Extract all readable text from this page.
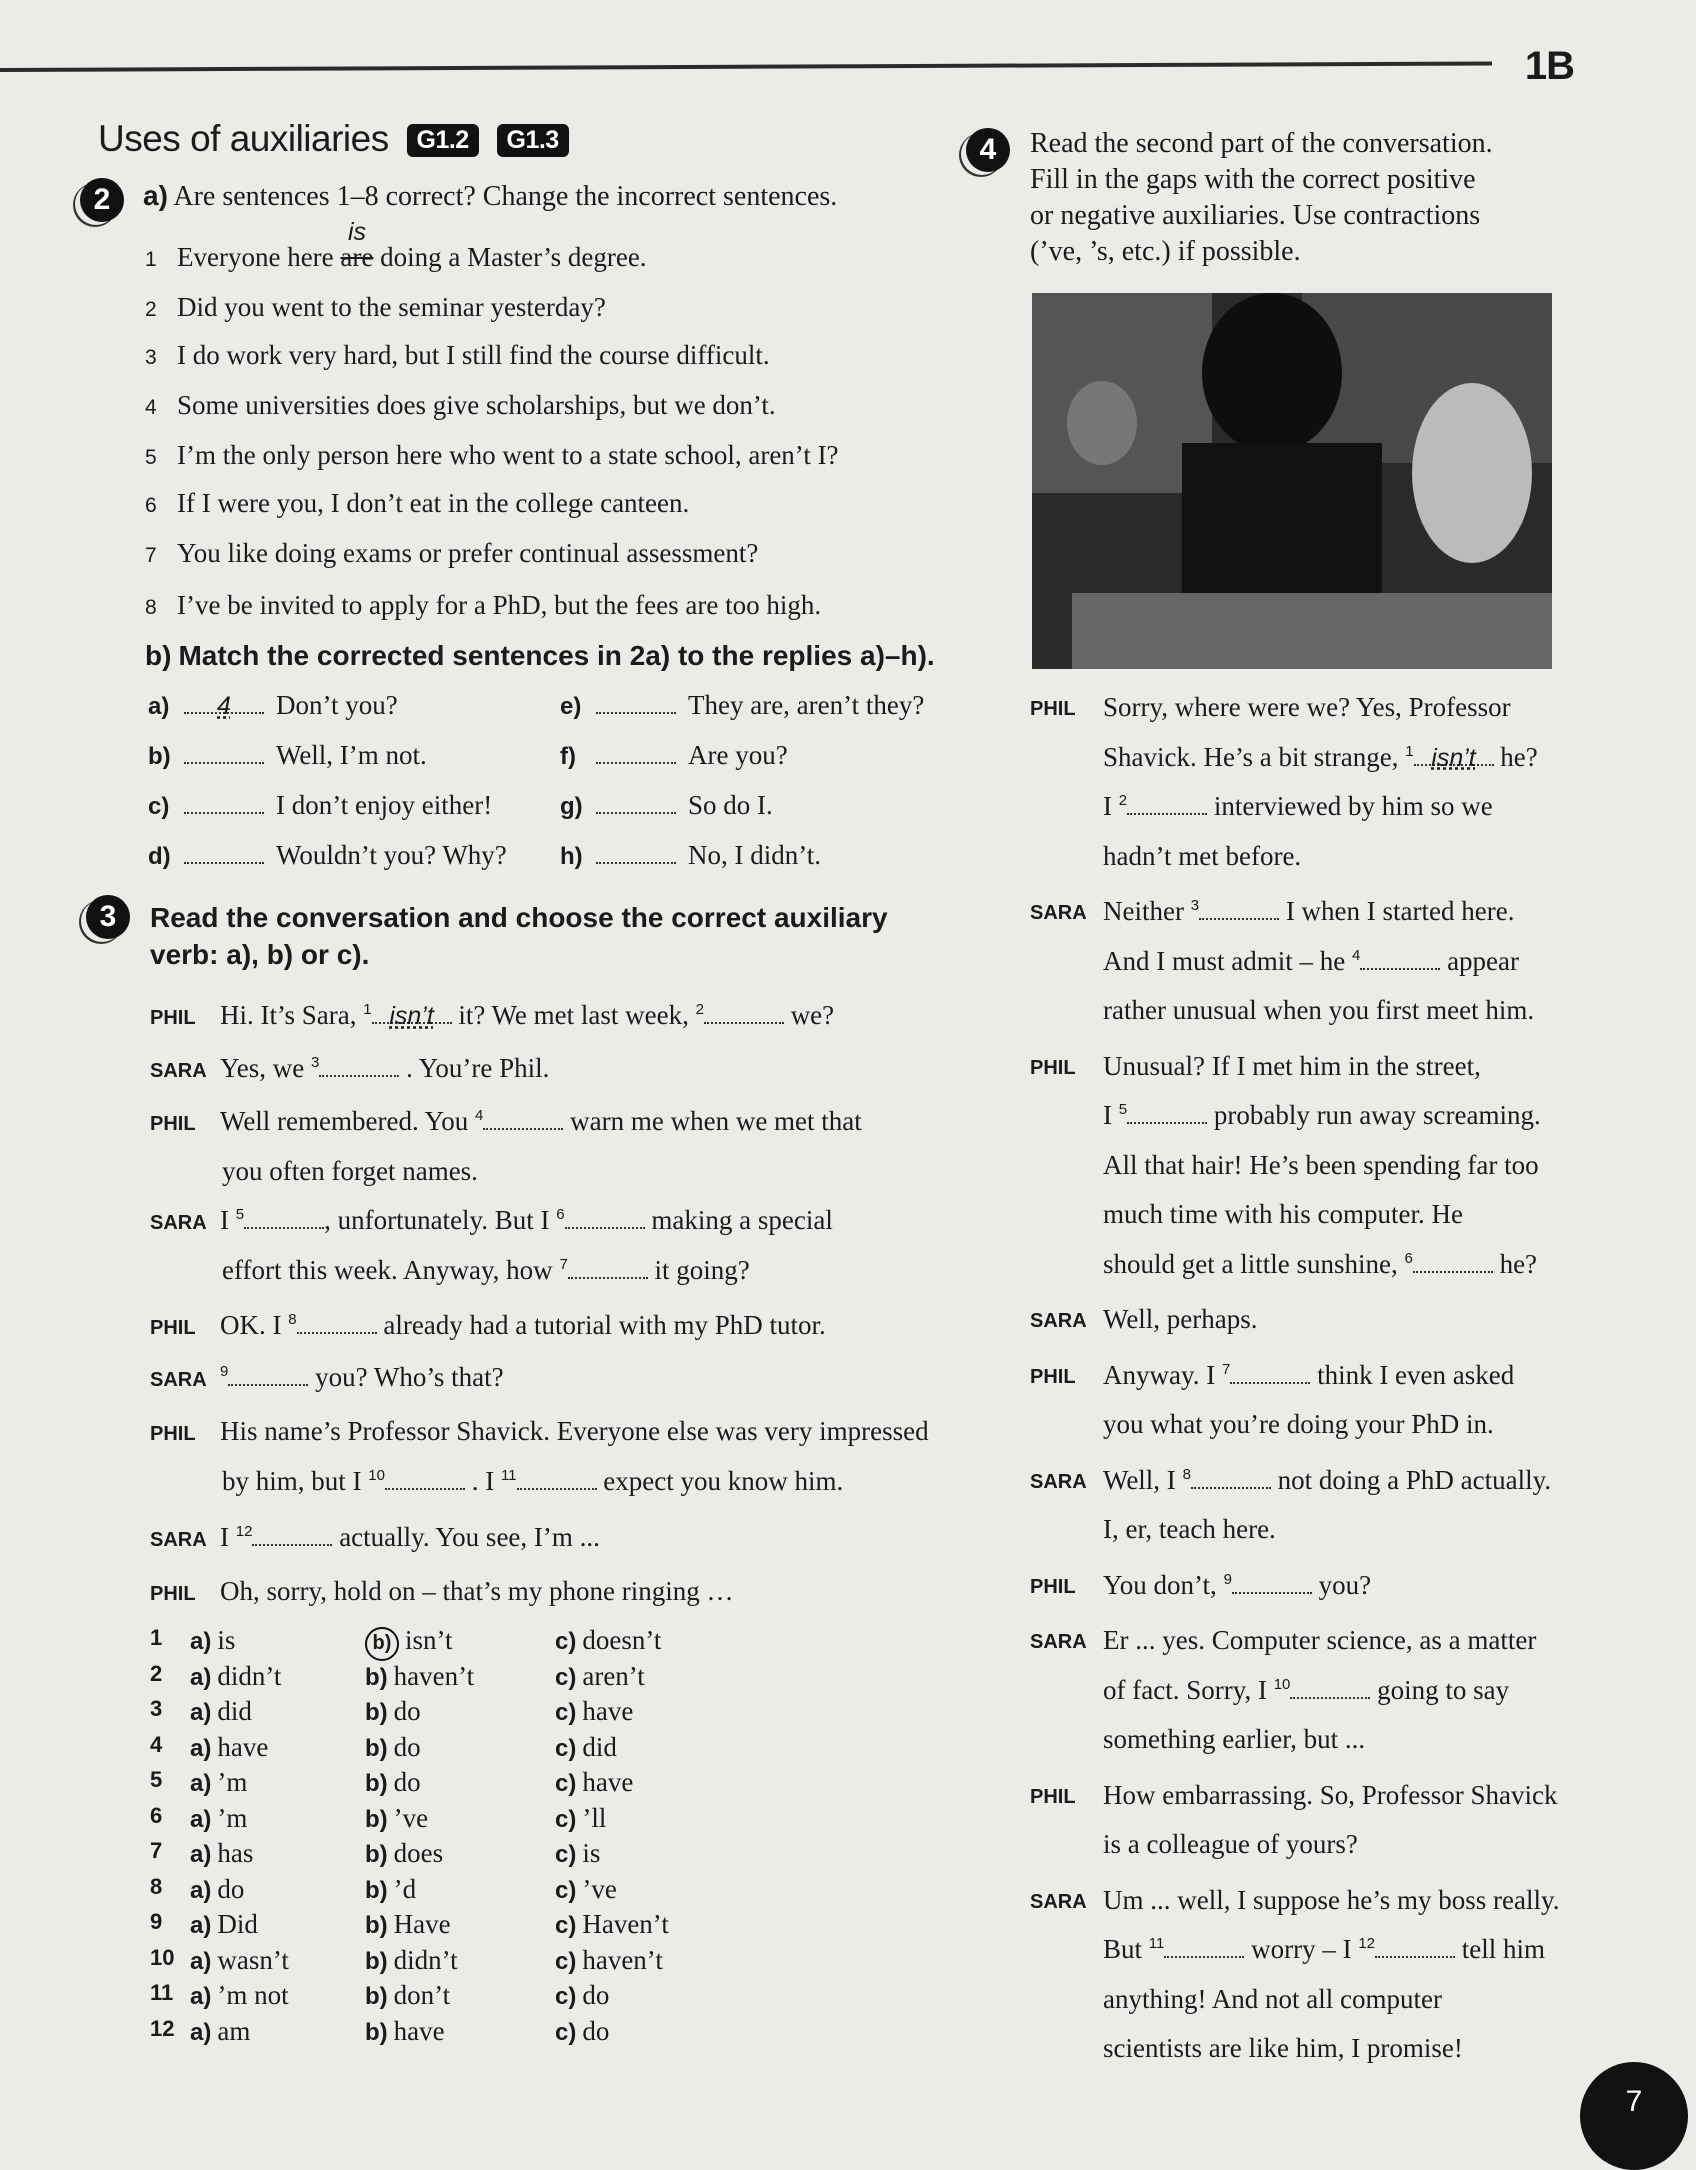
1B
Uses of auxiliaries G1.2 G1.3
2	a) Are sentences 1–8 correct? Change the incorrect sentences.
is
1 Everyone here are doing a Master’s degree.
2 Did you went to the seminar yesterday?
3 I do work very hard, but I still find the course difficult.
4 Some universities does give scholarships, but we don’t.
5 I’m the only person here who went to a state school, aren’t I?
6 If I were you, I don’t eat in the college canteen.
7 You like doing exams or prefer continual assessment?
8 I’ve be invited to apply for a PhD, but the fees are too high.
b) Match the corrected sentences in 2a) to the replies a)–h).
a) 4 Don’t you?
b)	Well, I’m not.
c)	I don’t enjoy either!
d)	Wouldn’t you? Why?
e)	They are, aren’t they?
f)	Are you?
g)	So do I.
h)	No, I didn’t.
3	Read the conversation and choose the correct auxiliary verb: a), b) or c).
PHIL Hi. It’s Sara, $^1$ isn’t it? We met last week, $^2$	we?
SARA Yes, we $^3$	. You’re Phil.
PHIL Well remembered. You $^4$	warn me when we met that
you often forget names.
SARA I $^5$	, unfortunately. But I $^6$	making a special
effort this week. Anyway, how $^7$	it going?
PHIL OK. I $^8$	already had a tutorial with my PhD tutor.
SARA $^9$	you? Who’s that?
PHIL His name’s Professor Shavick. Everyone else was very impressed
by him, but I $^{10}$	. I $^{11}$	expect you know him.
SARA I $^{12}$	actually. You see, I’m ...
PHIL Oh, sorry, hold on – that’s my phone ringing …
1 a) is	b) isn’t	c) doesn’t
2 a) didn’t	b) haven’t	c) aren’t
3 a) did	b) do	c) have
4 a) have	b) do	c) did
5 a) ’m	b) do	c) have
6 a) ’m	b) ’ve	c) ’ll
7 a) has	b) does	c) is
8 a) do	b) ’d	c) ’ve
9 a) Did	b) Have	c) Haven’t
10 a) wasn’t	b) didn’t	c) haven’t
11 a) ’m not	b) don’t	c) do
12 a) am	b) have	c) do
4	Read the second part of the conversation.
Fill in the gaps with the correct positive
or negative auxiliaries. Use contractions
(’ve, ’s, etc.) if possible.
PHIL	Sorry, where were we? Yes, Professor
Shavick. He’s a bit strange, $^1$ isn’t he?
I $^2$	interviewed by him so we
hadn’t met before.
SARA Neither $^3$	I when I started here.
And I must admit – he $^4$	appear
rather unusual when you first meet him.
PHIL	Unusual? If I met him in the street,
I $^5$	probably run away screaming.
All that hair! He’s been spending far too
much time with his computer. He
should get a little sunshine, $^6$	he?
SARA Well, perhaps.
PHIL	Anyway. I $^7$	think I even asked
you what you’re doing your PhD in.
SARA Well, I $^8$	not doing a PhD actually.
I, er, teach here.
PHIL	You don’t, $^9$	you?
SARA Er ... yes. Computer science, as a matter
of fact. Sorry, I $^{10}$	going to say
something earlier, but ...
PHIL	How embarrassing. So, Professor Shavick
is a colleague of yours?
SARA Um ... well, I suppose he’s my boss really.
But $^{11}$	worry – I $^{12}$	tell him
anything! And not all computer
scientists are like him, I promise!
7
